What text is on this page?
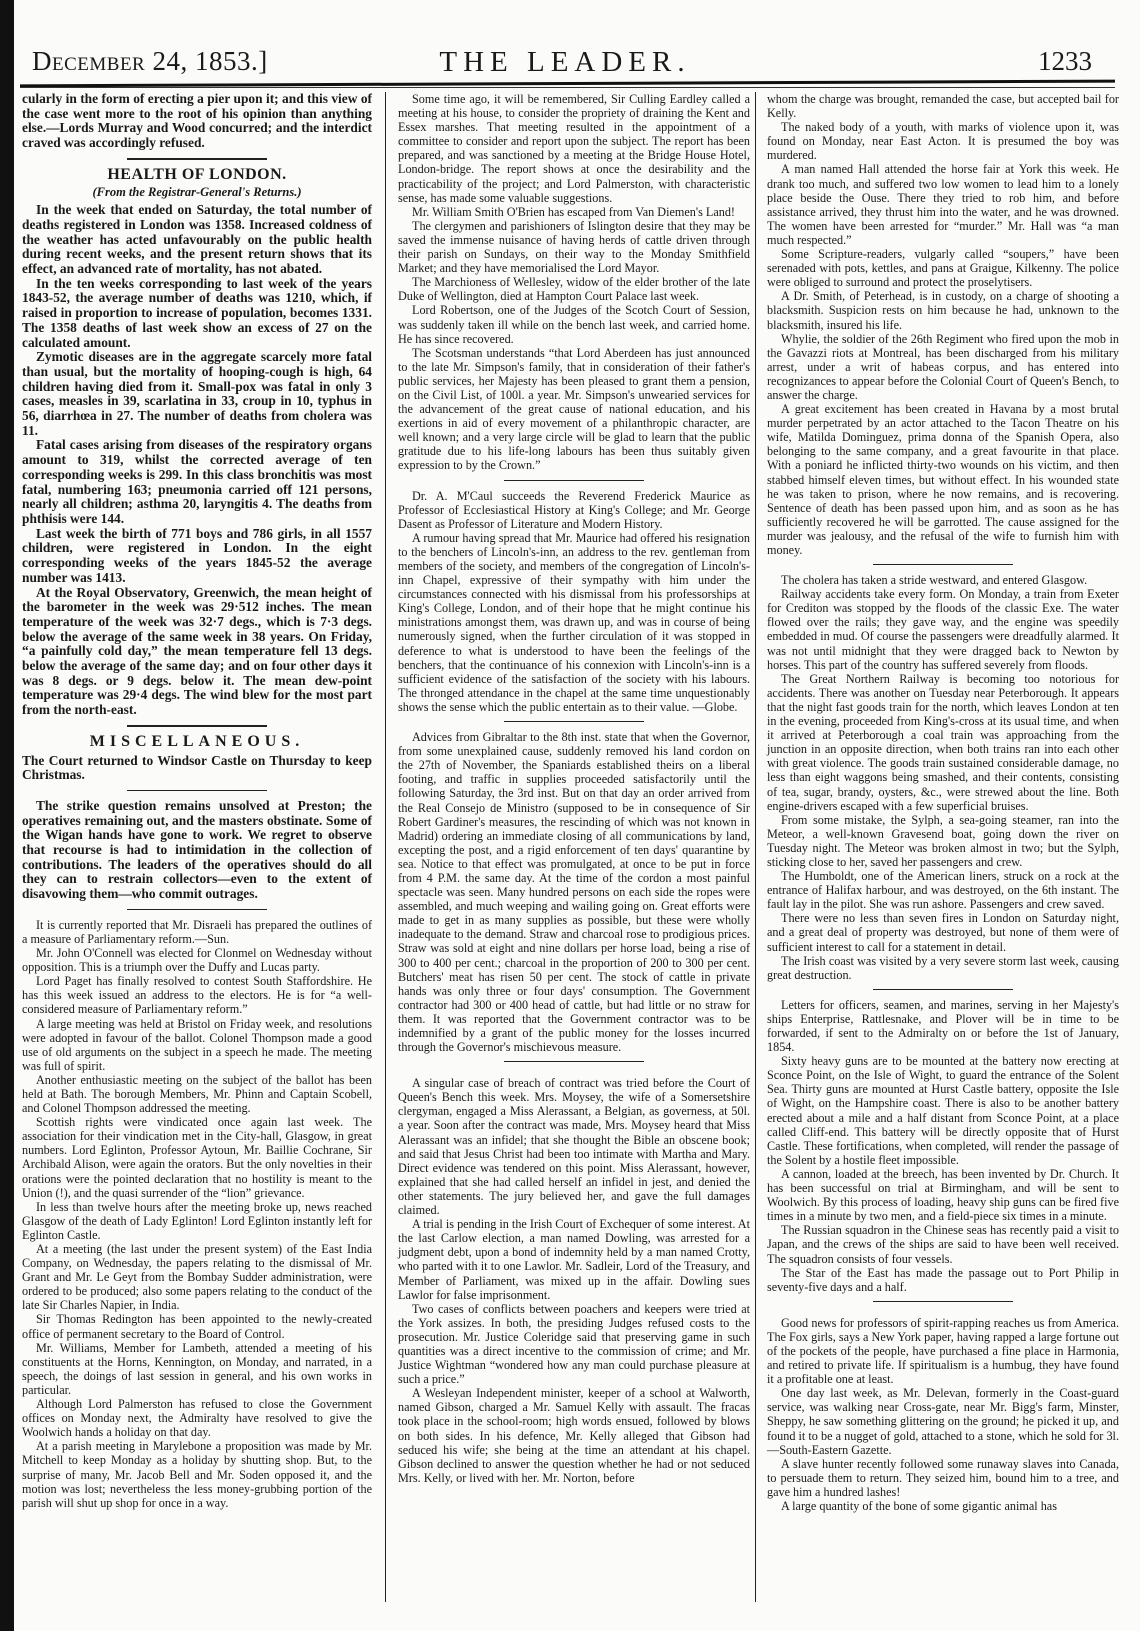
December 24, 1853.]	THE LEADER.	1233

cularly in the form of erecting a pier upon it; and this view of the case went more to the root of his opinion than anything else.—Lords Murray and Wood concurred; and the interdict craved was accordingly refused.

HEALTH OF LONDON.
(From the Registrar-General's Returns.)

In the week that ended on Saturday, the total number of deaths registered in London was 1358. Increased coldness of the weather has acted unfavourably on the public health during recent weeks, and the present return shows that its effect, an advanced rate of mortality, has not abated.

In the ten weeks corresponding to last week of the years 1843-52, the average number of deaths was 1210, which, if raised in proportion to increase of population, becomes 1331. The 1358 deaths of last week show an excess of 27 on the calculated amount.

Zymotic diseases are in the aggregate scarcely more fatal than usual, but the mortality of hooping-cough is high, 64 children having died from it. Small-pox was fatal in only 3 cases, measles in 39, scarlatina in 33, croup in 10, typhus in 56, diarrhœa in 27. The number of deaths from cholera was 11.

Fatal cases arising from diseases of the respiratory organs amount to 319, whilst the corrected average of ten corresponding weeks is 299. In this class bronchitis was most fatal, numbering 163; pneumonia carried off 121 persons, nearly all children; asthma 20, laryngitis 4. The deaths from phthisis were 144.

Last week the birth of 771 boys and 786 girls, in all 1557 children, were registered in London. In the eight corresponding weeks of the years 1845-52 the average number was 1413.

At the Royal Observatory, Greenwich, the mean height of the barometer in the week was 29·512 inches. The mean temperature of the week was 32·7 degs., which is 7·3 degs. below the average of the same week in 38 years. On Friday, “a painfully cold day,” the mean temperature fell 13 degs. below the average of the same day; and on four other days it was 8 degs. or 9 degs. below it. The mean dew-point temperature was 29·4 degs. The wind blew for the most part from the north-east.

MISCELLANEOUS.

The Court returned to Windsor Castle on Thursday to keep Christmas.

The strike question remains unsolved at Preston; the operatives remaining out, and the masters obstinate. Some of the Wigan hands have gone to work. We regret to observe that recourse is had to intimidation in the collection of contributions. The leaders of the operatives should do all they can to restrain collectors—even to the extent of disavowing them—who commit outrages.

It is currently reported that Mr. Disraeli has prepared the outlines of a measure of Parliamentary reform.—Sun.

Mr. John O'Connell was elected for Clonmel on Wednesday without opposition. This is a triumph over the Duffy and Lucas party.

Lord Paget has finally resolved to contest South Staffordshire. He has this week issued an address to the electors. He is for “a well-considered measure of Parliamentary reform.”

A large meeting was held at Bristol on Friday week, and resolutions were adopted in favour of the ballot. Colonel Thompson made a good use of old arguments on the subject in a speech he made. The meeting was full of spirit.

Another enthusiastic meeting on the subject of the ballot has been held at Bath. The borough Members, Mr. Phinn and Captain Scobell, and Colonel Thompson addressed the meeting.

Scottish rights were vindicated once again last week. The association for their vindication met in the City-hall, Glasgow, in great numbers. Lord Eglinton, Professor Aytoun, Mr. Baillie Cochrane, Sir Archibald Alison, were again the orators. But the only novelties in their orations were the pointed declaration that no hostility is meant to the Union (!), and the quasi surrender of the “lion” grievance.

In less than twelve hours after the meeting broke up, news reached Glasgow of the death of Lady Eglinton! Lord Eglinton instantly left for Eglinton Castle.

At a meeting (the last under the present system) of the East India Company, on Wednesday, the papers relating to the dismissal of Mr. Grant and Mr. Le Geyt from the Bombay Sudder administration, were ordered to be produced; also some papers relating to the conduct of the late Sir Charles Napier, in India.

Sir Thomas Redington has been appointed to the newly-created office of permanent secretary to the Board of Control.

Mr. Williams, Member for Lambeth, attended a meeting of his constituents at the Horns, Kennington, on Monday, and narrated, in a speech, the doings of last session in general, and his own works in particular.

Although Lord Palmerston has refused to close the Government offices on Monday next, the Admiralty have resolved to give the Woolwich hands a holiday on that day.

At a parish meeting in Marylebone a proposition was made by Mr. Mitchell to keep Monday as a holiday by shutting shop. But, to the surprise of many, Mr. Jacob Bell and Mr. Soden opposed it, and the motion was lost; nevertheless the less money-grubbing portion of the parish will shut up shop for once in a way.

Some time ago, it will be remembered, Sir Culling Eardley called a meeting at his house, to consider the propriety of draining the Kent and Essex marshes. That meeting resulted in the appointment of a committee to consider and report upon the subject. The report has been prepared, and was sanctioned by a meeting at the Bridge House Hotel, London-bridge. The report shows at once the desirability and the practicability of the project; and Lord Palmerston, with characteristic sense, has made some valuable suggestions.

Mr. William Smith O'Brien has escaped from Van Diemen's Land!

The clergymen and parishioners of Islington desire that they may be saved the immense nuisance of having herds of cattle driven through their parish on Sundays, on their way to the Monday Smithfield Market; and they have memorialised the Lord Mayor.

The Marchioness of Wellesley, widow of the elder brother of the late Duke of Wellington, died at Hampton Court Palace last week.

Lord Robertson, one of the Judges of the Scotch Court of Session, was suddenly taken ill while on the bench last week, and carried home. He has since recovered.

The Scotsman understands “that Lord Aberdeen has just announced to the late Mr. Simpson's family, that in consideration of their father's public services, her Majesty has been pleased to grant them a pension, on the Civil List, of 100l. a year. Mr. Simpson's unwearied services for the advancement of the great cause of national education, and his exertions in aid of every movement of a philanthropic character, are well known; and a very large circle will be glad to learn that the public gratitude due to his life-long labours has been thus suitably given expression to by the Crown.”

Dr. A. M'Caul succeeds the Reverend Frederick Maurice as Professor of Ecclesiastical History at King's College; and Mr. George Dasent as Professor of Literature and Modern History.

A rumour having spread that Mr. Maurice had offered his resignation to the benchers of Lincoln's-inn, an address to the rev. gentleman from members of the society, and members of the congregation of Lincoln's-inn Chapel, expressive of their sympathy with him under the circumstances connected with his dismissal from his professorships at King's College, London, and of their hope that he might continue his ministrations amongst them, was drawn up, and was in course of being numerously signed, when the further circulation of it was stopped in deference to what is understood to have been the feelings of the benchers, that the continuance of his connexion with Lincoln's-inn is a sufficient evidence of the satisfaction of the society with his labours. The thronged attendance in the chapel at the same time unquestionably shows the sense which the public entertain as to their value. —Globe.

Advices from Gibraltar to the 8th inst. state that when the Governor, from some unexplained cause, suddenly removed his land cordon on the 27th of November, the Spaniards established theirs on a liberal footing, and traffic in supplies proceeded satisfactorily until the following Saturday, the 3rd inst. But on that day an order arrived from the Real Consejo de Ministro (supposed to be in consequence of Sir Robert Gardiner's measures, the rescinding of which was not known in Madrid) ordering an immediate closing of all communications by land, excepting the post, and a rigid enforcement of ten days' quarantine by sea. Notice to that effect was promulgated, at once to be put in force from 4 P.M. the same day. At the time of the cordon a most painful spectacle was seen. Many hundred persons on each side the ropes were assembled, and much weeping and wailing going on. Great efforts were made to get in as many supplies as possible, but these were wholly inadequate to the demand. Straw and charcoal rose to prodigious prices. Straw was sold at eight and nine dollars per horse load, being a rise of 300 to 400 per cent.; charcoal in the proportion of 200 to 300 per cent. Butchers' meat has risen 50 per cent. The stock of cattle in private hands was only three or four days' consumption. The Government contractor had 300 or 400 head of cattle, but had little or no straw for them. It was reported that the Government contractor was to be indemnified by a grant of the public money for the losses incurred through the Governor's mischievous measure.

A singular case of breach of contract was tried before the Court of Queen's Bench this week. Mrs. Moysey, the wife of a Somersetshire clergyman, engaged a Miss Alerassant, a Belgian, as governess, at 50l. a year. Soon after the contract was made, Mrs. Moysey heard that Miss Alerassant was an infidel; that she thought the Bible an obscene book; and said that Jesus Christ had been too intimate with Martha and Mary. Direct evidence was tendered on this point. Miss Alerassant, however, explained that she had called herself an infidel in jest, and denied the other statements. The jury believed her, and gave the full damages claimed.

A trial is pending in the Irish Court of Exchequer of some interest. At the last Carlow election, a man named Dowling, was arrested for a judgment debt, upon a bond of indemnity held by a man named Crotty, who parted with it to one Lawlor. Mr. Sadleir, Lord of the Treasury, and Member of Parliament, was mixed up in the affair. Dowling sues Lawlor for false imprisonment.

Two cases of conflicts between poachers and keepers were tried at the York assizes. In both, the presiding Judges refused costs to the prosecution. Mr. Justice Coleridge said that preserving game in such quantities was a direct incentive to the commission of crime; and Mr. Justice Wightman “wondered how any man could purchase pleasure at such a price.”

A Wesleyan Independent minister, keeper of a school at Walworth, named Gibson, charged a Mr. Samuel Kelly with assault. The fracas took place in the school-room; high words ensued, followed by blows on both sides. In his defence, Mr. Kelly alleged that Gibson had seduced his wife; she being at the time an attendant at his chapel. Gibson declined to answer the question whether he had or not seduced Mrs. Kelly, or lived with her. Mr. Norton, before

whom the charge was brought, remanded the case, but accepted bail for Kelly.

The naked body of a youth, with marks of violence upon it, was found on Monday, near East Acton. It is presumed the boy was murdered.

A man named Hall attended the horse fair at York this week. He drank too much, and suffered two low women to lead him to a lonely place beside the Ouse. There they tried to rob him, and before assistance arrived, they thrust him into the water, and he was drowned. The women have been arrested for “murder.” Mr. Hall was “a man much respected.”

Some Scripture-readers, vulgarly called “soupers,” have been serenaded with pots, kettles, and pans at Graigue, Kilkenny. The police were obliged to surround and protect the proselytisers.

A Dr. Smith, of Peterhead, is in custody, on a charge of shooting a blacksmith. Suspicion rests on him because he had, unknown to the blacksmith, insured his life.

Whylie, the soldier of the 26th Regiment who fired upon the mob in the Gavazzi riots at Montreal, has been discharged from his military arrest, under a writ of habeas corpus, and has entered into recognizances to appear before the Colonial Court of Queen's Bench, to answer the charge.

A great excitement has been created in Havana by a most brutal murder perpetrated by an actor attached to the Tacon Theatre on his wife, Matilda Dominguez, prima donna of the Spanish Opera, also belonging to the same company, and a great favourite in that place. With a poniard he inflicted thirty-two wounds on his victim, and then stabbed himself eleven times, but without effect. In his wounded state he was taken to prison, where he now remains, and is recovering. Sentence of death has been passed upon him, and as soon as he has sufficiently recovered he will be garrotted. The cause assigned for the murder was jealousy, and the refusal of the wife to furnish him with money.

The cholera has taken a stride westward, and entered Glasgow.

Railway accidents take every form. On Monday, a train from Exeter for Crediton was stopped by the floods of the classic Exe. The water flowed over the rails; they gave way, and the engine was speedily embedded in mud. Of course the passengers were dreadfully alarmed. It was not until midnight that they were dragged back to Newton by horses. This part of the country has suffered severely from floods.

The Great Northern Railway is becoming too notorious for accidents. There was another on Tuesday near Peterborough. It appears that the night fast goods train for the north, which leaves London at ten in the evening, proceeded from King's-cross at its usual time, and when it arrived at Peterborough a coal train was approaching from the junction in an opposite direction, when both trains ran into each other with great violence. The goods train sustained considerable damage, no less than eight waggons being smashed, and their contents, consisting of tea, sugar, brandy, oysters, &c., were strewed about the line. Both engine-drivers escaped with a few superficial bruises.

From some mistake, the Sylph, a sea-going steamer, ran into the Meteor, a well-known Gravesend boat, going down the river on Tuesday night. The Meteor was broken almost in two; but the Sylph, sticking close to her, saved her passengers and crew.

The Humboldt, one of the American liners, struck on a rock at the entrance of Halifax harbour, and was destroyed, on the 6th instant. The fault lay in the pilot. She was run ashore. Passengers and crew saved.

There were no less than seven fires in London on Saturday night, and a great deal of property was destroyed, but none of them were of sufficient interest to call for a statement in detail.

The Irish coast was visited by a very severe storm last week, causing great destruction.

Letters for officers, seamen, and marines, serving in her Majesty's ships Enterprise, Rattlesnake, and Plover will be in time to be forwarded, if sent to the Admiralty on or before the 1st of January, 1854.

Sixty heavy guns are to be mounted at the battery now erecting at Sconce Point, on the Isle of Wight, to guard the entrance of the Solent Sea. Thirty guns are mounted at Hurst Castle battery, opposite the Isle of Wight, on the Hampshire coast. There is also to be another battery erected about a mile and a half distant from Sconce Point, at a place called Cliff-end. This battery will be directly opposite that of Hurst Castle. These fortifications, when completed, will render the passage of the Solent by a hostile fleet impossible.

A cannon, loaded at the breech, has been invented by Dr. Church. It has been successful on trial at Birmingham, and will be sent to Woolwich. By this process of loading, heavy ship guns can be fired five times in a minute by two men, and a field-piece six times in a minute.

The Russian squadron in the Chinese seas has recently paid a visit to Japan, and the crews of the ships are said to have been well received. The squadron consists of four vessels.

The Star of the East has made the passage out to Port Philip in seventy-five days and a half.

Good news for professors of spirit-rapping reaches us from America. The Fox girls, says a New York paper, having rapped a large fortune out of the pockets of the people, have purchased a fine place in Harmonia, and retired to private life. If spiritualism is a humbug, they have found it a profitable one at least.

One day last week, as Mr. Delevan, formerly in the Coast-guard service, was walking near Cross-gate, near Mr. Bigg's farm, Minster, Sheppy, he saw something glittering on the ground; he picked it up, and found it to be a nugget of gold, attached to a stone, which he sold for 3l.—South-Eastern Gazette.

A slave hunter recently followed some runaway slaves into Canada, to persuade them to return. They seized him, bound him to a tree, and gave him a hundred lashes!

A large quantity of the bone of some gigantic animal has
